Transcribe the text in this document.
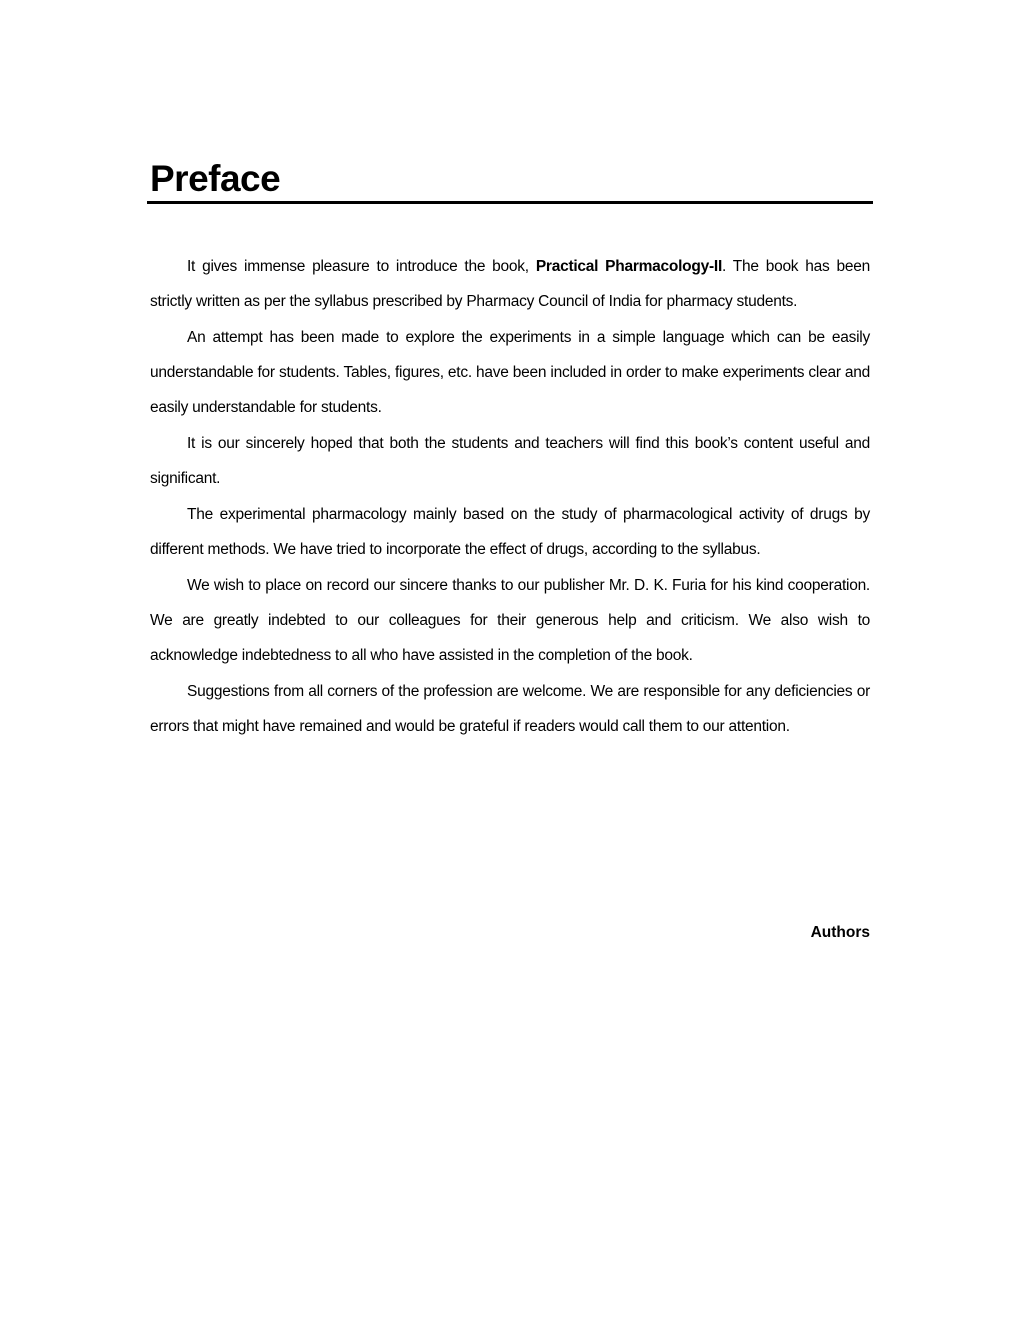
Preface

It gives immense pleasure to introduce the book, Practical Pharmacology-II. The book has been strictly written as per the syllabus prescribed by Pharmacy Council of India for pharmacy students.

An attempt has been made to explore the experiments in a simple language which can be easily understandable for students. Tables, figures, etc. have been included in order to make experiments clear and easily understandable for students.

It is our sincerely hoped that both the students and teachers will find this book’s content useful and significant.

The experimental pharmacology mainly based on the study of pharmacological activity of drugs by different methods. We have tried to incorporate the effect of drugs, according to the syllabus.

We wish to place on record our sincere thanks to our publisher Mr. D. K. Furia for his kind cooperation. We are greatly indebted to our colleagues for their generous help and criticism. We also wish to acknowledge indebtedness to all who have assisted in the completion of the book.

Suggestions from all corners of the profession are welcome. We are responsible for any deficiencies or errors that might have remained and would be grateful if readers would call them to our attention.

Authors
